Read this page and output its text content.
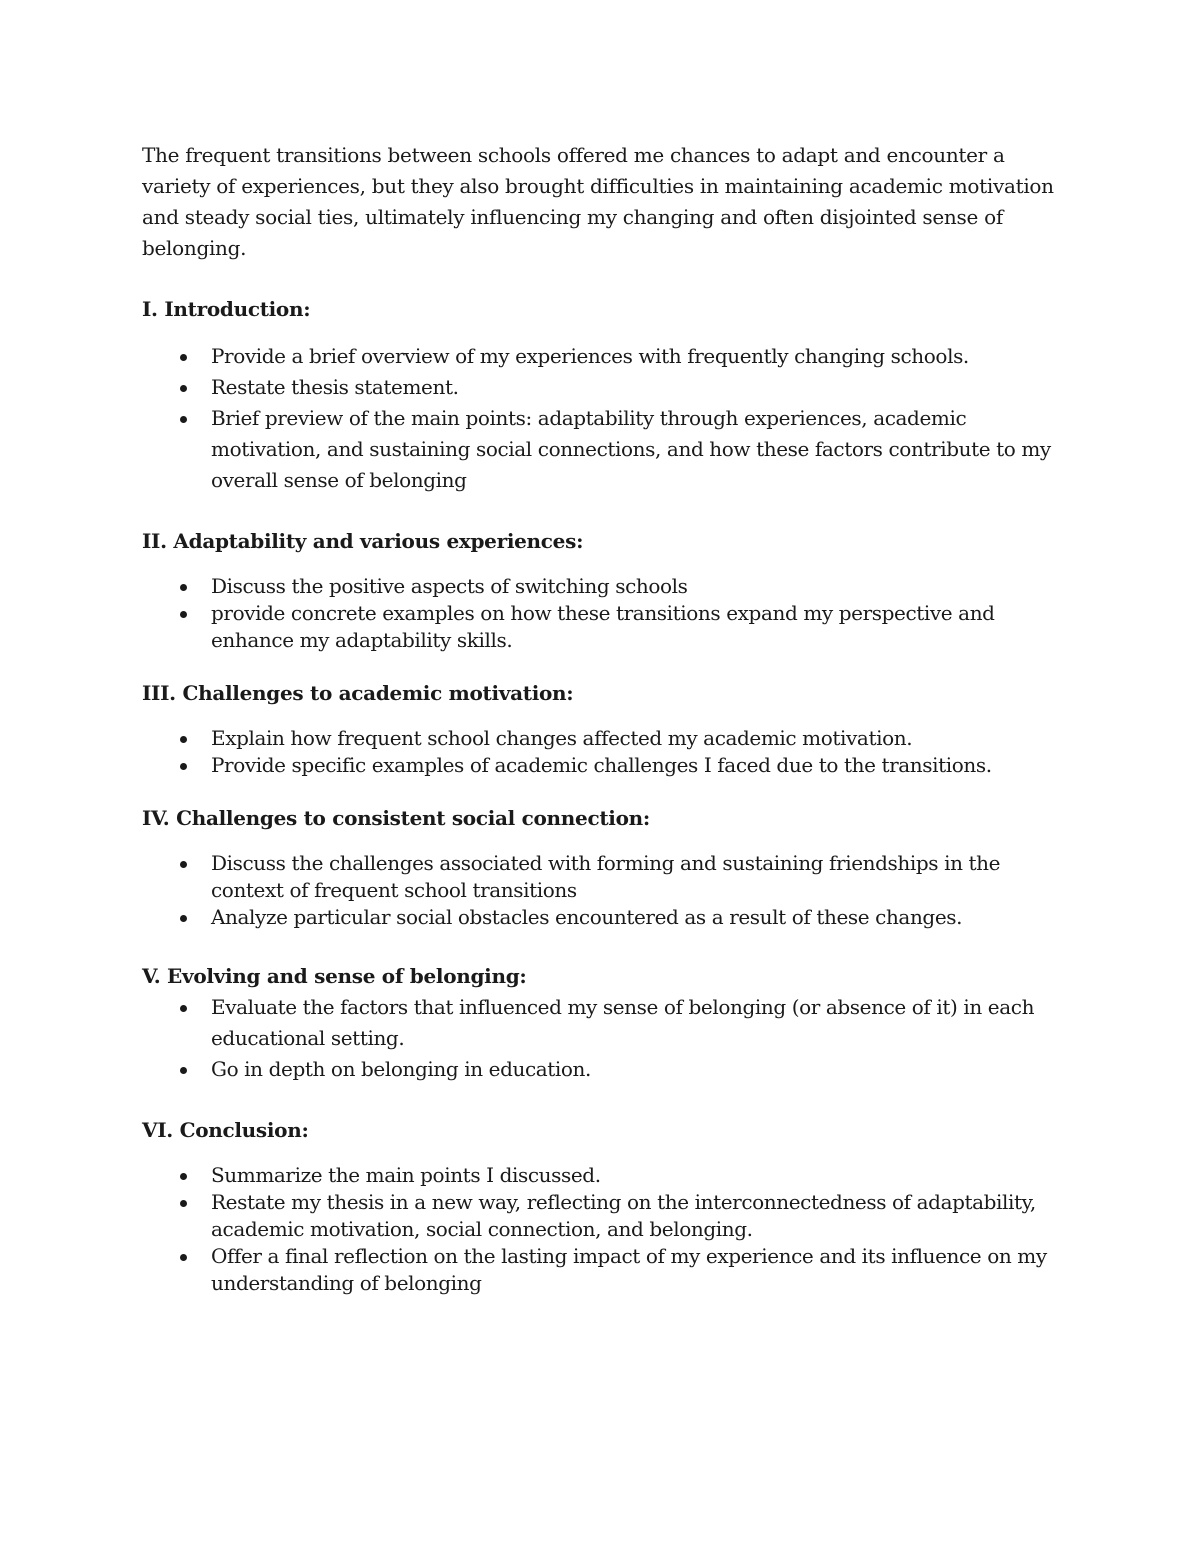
The frequent transitions between schools offered me chances to adapt and encounter a variety of experiences, but they also brought difficulties in maintaining academic motivation and steady social ties, ultimately influencing my changing and often disjointed sense of belonging.

I. Introduction:
Provide a brief overview of my experiences with frequently changing schools.
Restate thesis statement.
Brief preview of the main points: adaptability through experiences, academic motivation, and sustaining social connections, and how these factors contribute to my overall sense of belonging
II. Adaptability and various experiences:
Discuss the positive aspects of switching schools
provide concrete examples on how these transitions expand my perspective and enhance my adaptability skills.
III. Challenges to academic motivation:
Explain how frequent school changes affected my academic motivation.
Provide specific examples of academic challenges I faced due to the transitions.
IV. Challenges to consistent social connection:
Discuss the challenges associated with forming and sustaining friendships in the context of frequent school transitions
Analyze particular social obstacles encountered as a result of these changes.
V. Evolving and sense of belonging:
Evaluate the factors that influenced my sense of belonging (or absence of it) in each educational setting.
Go in depth on belonging in education.
VI. Conclusion:
Summarize the main points I discussed.
Restate my thesis in a new way, reflecting on the interconnectedness of adaptability, academic motivation, social connection, and belonging.
Offer a final reflection on the lasting impact of my experience and its influence on my understanding of belonging
